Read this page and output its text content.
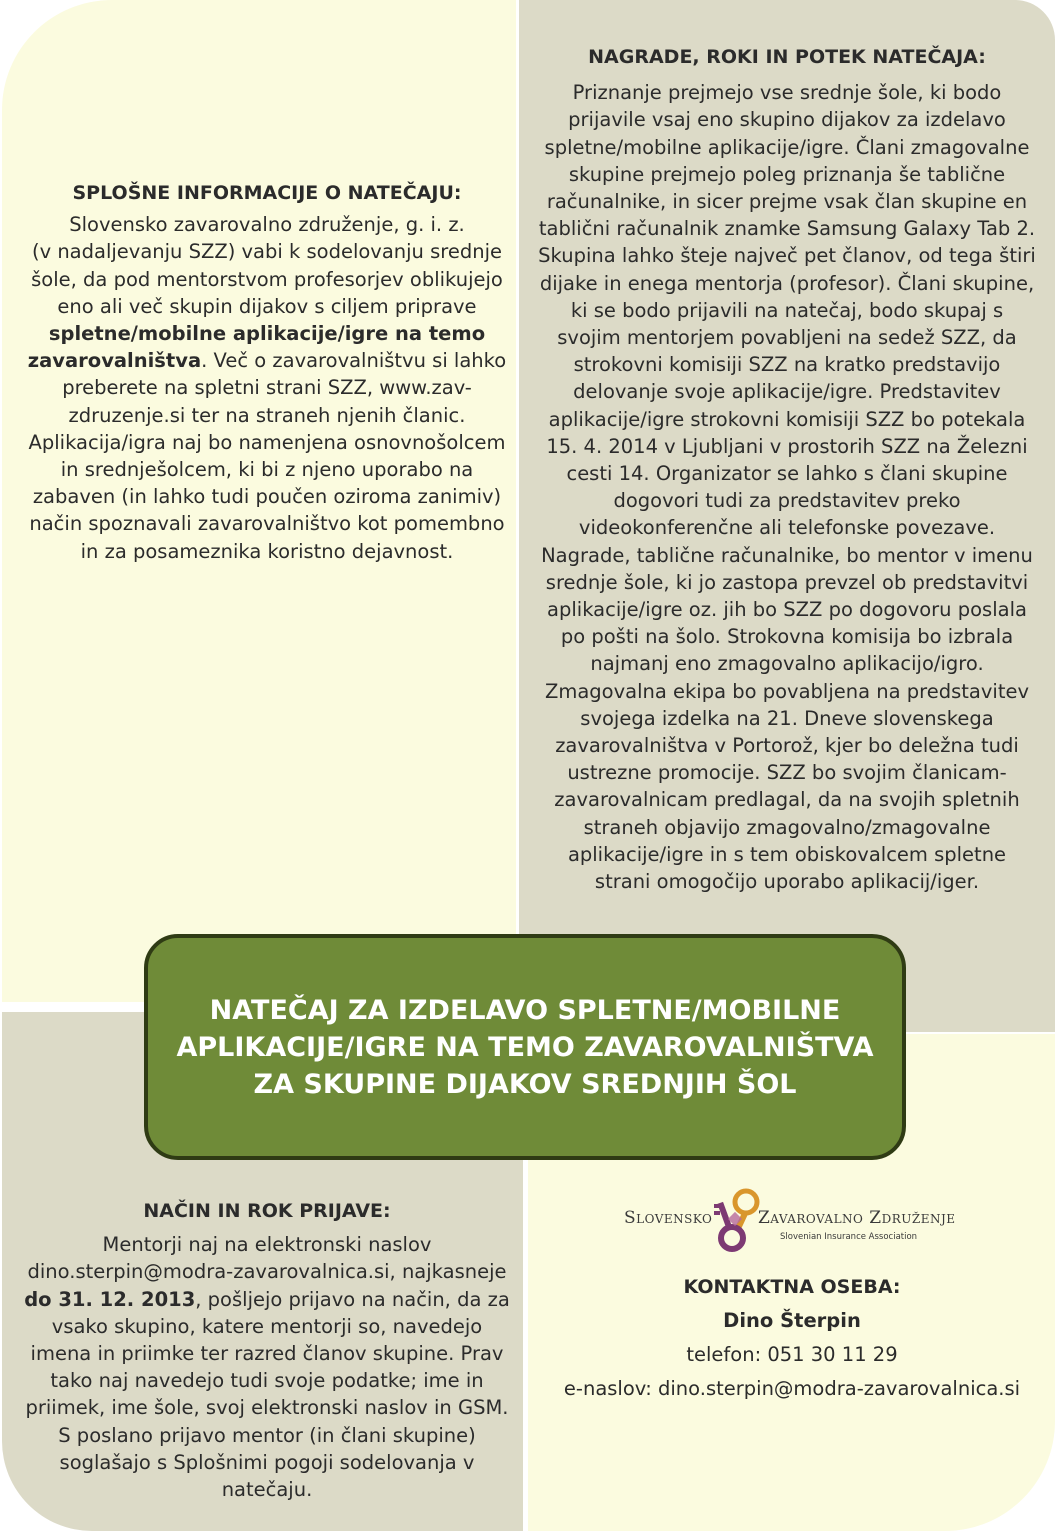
SPLOŠNE INFORMACIJE O NATEČAJU:
Slovensko zavarovalno združenje, g. i. z.
(v nadaljevanju SZZ) vabi k sodelovanju srednje
šole, da pod mentorstvom profesorjev oblikujejo
eno ali več skupin dijakov s ciljem priprave
spletne/mobilne aplikacije/igre na temo
zavarovalništva. Več o zavarovalništvu si lahko
preberete na spletni strani SZZ, www.zav-
zdruzenje.si ter na straneh njenih članic.
Aplikacija/igra naj bo namenjena osnovnošolcem
in srednješolcem, ki bi z njeno uporabo na
zabaven (in lahko tudi poučen oziroma zanimiv)
način spoznavali zavarovalništvo kot pomembno
in za posameznika koristno dejavnost.
NAGRADE, ROKI IN POTEK NATEČAJA:
Priznanje prejmejo vse srednje šole, ki bodo
prijavile vsaj eno skupino dijakov za izdelavo
spletne/mobilne aplikacije/igre. Člani zmagovalne
skupine prejmejo poleg priznanja še tablične
računalnike, in sicer prejme vsak član skupine en
tablični računalnik znamke Samsung Galaxy Tab 2.
Skupina lahko šteje največ pet članov, od tega štiri
dijake in enega mentorja (profesor). Člani skupine,
ki se bodo prijavili na natečaj, bodo skupaj s
svojim mentorjem povabljeni na sedež SZZ, da
strokovni komisiji SZZ na kratko predstavijo
delovanje svoje aplikacije/igre. Predstavitev
aplikacije/igre strokovni komisiji SZZ bo potekala
15. 4. 2014 v Ljubljani v prostorih SZZ na Železni
cesti 14. Organizator se lahko s člani skupine
dogovori tudi za predstavitev preko
videokonferenčne ali telefonske povezave.
Nagrade, tablične računalnike, bo mentor v imenu
srednje šole, ki jo zastopa prevzel ob predstavitvi
aplikacije/igre oz. jih bo SZZ po dogovoru poslala
po pošti na šolo. Strokovna komisija bo izbrala
najmanj eno zmagovalno aplikacijo/igro.
Zmagovalna ekipa bo povabljena na predstavitev
svojega izdelka na 21. Dneve slovenskega
zavarovalništva v Portorož, kjer bo deležna tudi
ustrezne promocije. SZZ bo svojim članicam-
zavarovalnicam predlagal, da na svojih spletnih
straneh objavijo zmagovalno/zmagovalne
aplikacije/igre in s tem obiskovalcem spletne
strani omogočijo uporabo aplikacij/iger.
NATEČAJ ZA IZDELAVO SPLETNE/MOBILNE APLIKACIJE/IGRE NA TEMO ZAVAROVALNIŠTVA ZA SKUPINE DIJAKOV SREDNJIH ŠOL
NAČIN IN ROK PRIJAVE:
Mentorji naj na elektronski naslov
dino.sterpin@modra-zavarovalnica.si, najkasneje
do 31. 12. 2013, pošljejo prijavo na način, da za
vsako skupino, katere mentorji so, navedejo
imena in priimke ter razred članov skupine. Prav
tako naj navedejo tudi svoje podatke; ime in
priimek, ime šole, svoj elektronski naslov in GSM.
S poslano prijavo mentor (in člani skupine)
soglašajo s Splošnimi pogoji sodelovanja v
natečaju.
Slovensko	Zavarovalno Združenje
Slovenian Insurance Association
KONTAKTNA OSEBA:
Dino Šterpin
telefon: 051 30 11 29
e-naslov: dino.sterpin@modra-zavarovalnica.si
